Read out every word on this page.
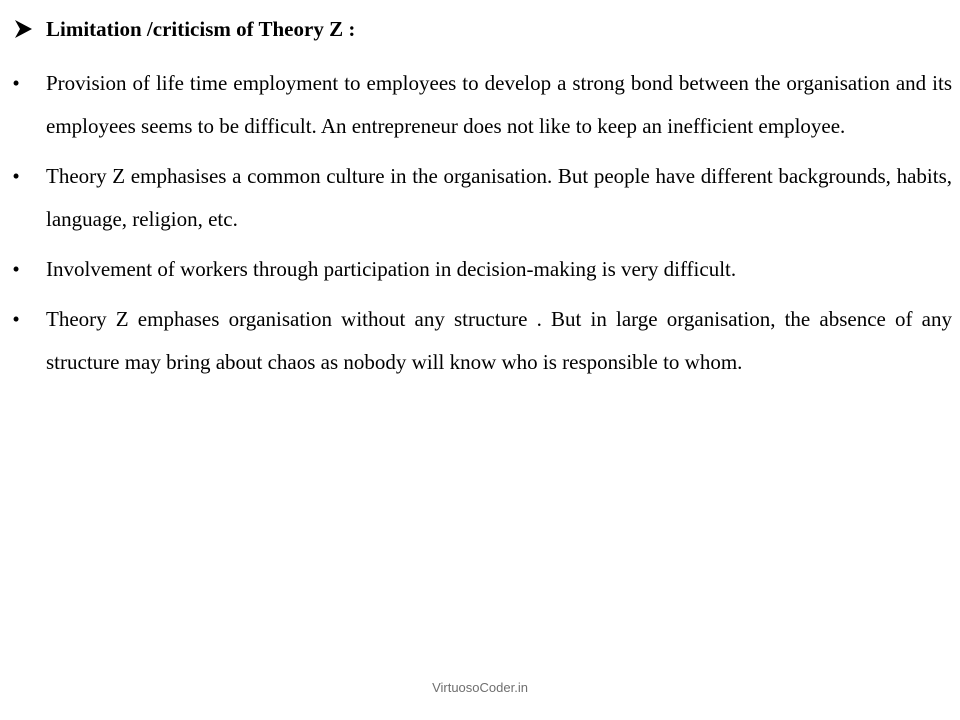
Limitation /criticism of Theory Z :
•	Provision of life time employment to employees to develop a strong bond between the organisation and its employees seems to be difficult. An entrepreneur does not like to keep an inefficient employee.
•	Theory Z emphasises a common culture in the organisation. But people have different backgrounds, habits, language, religion, etc.
•	Involvement of workers through participation in decision-making is very difficult.
•	Theory Z emphases organisation without any structure . But in large organisation, the absence of any structure may bring about chaos as nobody will know who is responsible to whom.
VirtuosoCoder.in
